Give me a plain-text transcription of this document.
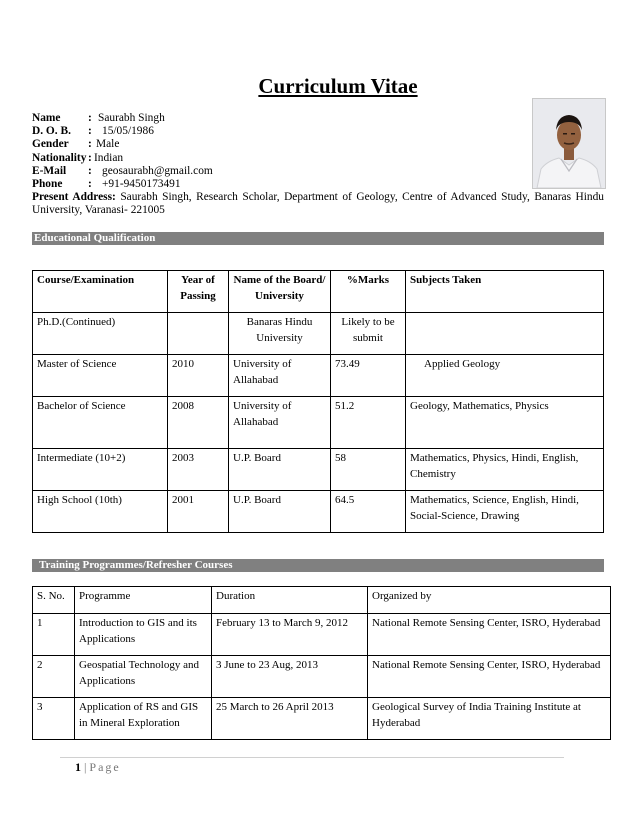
Curriculum Vitae
Name	: Saurabh Singh
D. O. B.	: 15/05/1986
Gender	: Male
Nationality : Indian
E-Mail	: geosaurabh@gmail.com
Phone	: +91-9450173491
Present Address: Saurabh Singh, Research Scholar, Department of Geology, Centre of Advanced Study, Banaras Hindu University, Varanasi- 221005
Educational Qualification
Course/Examination	Year of Passing	Name of the Board/ University	%Marks	Subjects Taken
Ph.D.(Continued)		Banaras Hindu University	Likely to be submit	
Master of Science	2010	University of Allahabad	73.49	Applied Geology
Bachelor of Science	2008	University of Allahabad	51.2	Geology, Mathematics, Physics
Intermediate (10+2)	2003	U.P. Board	58	Mathematics, Physics, Hindi, English, Chemistry
High School (10th)	2001	U.P. Board	64.5	Mathematics, Science, English, Hindi, Social-Science, Drawing
Training Programmes/Refresher Courses
S. No.	Programme	Duration	Organized by
1	Introduction to GIS and its Applications	February 13 to March 9, 2012	National Remote Sensing Center, ISRO, Hyderabad
2	Geospatial Technology and Applications	3 June to 23 Aug, 2013	National Remote Sensing Center, ISRO, Hyderabad
3	Application of RS and GIS in Mineral Exploration	25 March to 26 April 2013	Geological Survey of India Training Institute at Hyderabad
1 | Page
